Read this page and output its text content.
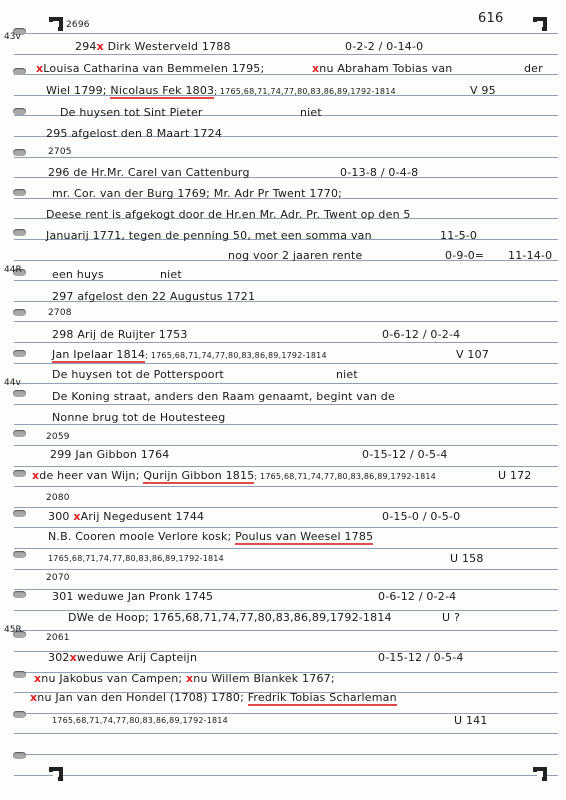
616
43v
44R
44v
45R
2696
294x Dirk Westerveld 1788	0-2-2 / 0-14-0
xLouisa Catharina van Bemmelen 1795;	xnu Abraham Tobias van	der
Wiel 1799; Nicolaus Fek 1803; 1765,68,71,74,77,80,83,86,89,1792-1814	V 95
De huysen tot Sint Pieter	niet
295 afgelost den 8 Maart 1724
2705
296 de Hr.Mr. Carel van Cattenburg	0-13-8 / 0-4-8
mr. Cor. van der Burg 1769; Mr. Adr Pr Twent 1770;
Deese rent is afgekogt door de Hr.en Mr. Adr. Pr. Twent op den 5
Januarij 1771, tegen de penning 50, met een somma van	11-5-0
nog voor 2 jaaren rente	0-9-0= 11-14-0
een huys	niet
297 afgelost den 22 Augustus 1721
2708
298 Arij de Ruijter 1753	0-6-12 / 0-2-4
Jan Ipelaar 1814; 1765,68,71,74,77,80,83,86,89,1792-1814	V 107
De huysen tot de Potterspoort	niet
De Koning straat, anders den Raam genaamt, begint van de
Nonne brug tot de Houtesteeg
2059
299 Jan Gibbon 1764	0-15-12 / 0-5-4
xde heer van Wijn; Qurijn Gibbon 1815; 1765,68,71,74,77,80,83,86,89,1792-1814	U 172
2080
300 xArij Negedusent 1744	0-15-0 / 0-5-0
N.B. Cooren moole Verlore kosk; Poulus van Weesel 1785
1765,68,71,74,77,80,83,86,89,1792-1814	U 158
2070
301 weduwe Jan Pronk 1745	0-6-12 / 0-2-4
DWe de Hoop; 1765,68,71,74,77,80,83,86,89,1792-1814	U ?
2061
302xweduwe Arij Capteijn	0-15-12 / 0-5-4
xnu Jakobus van Campen; xnu Willem Blankek 1767;
xnu Jan van den Hondel (1708) 1780; Fredrik Tobias Scharleman
1765,68,71,74,77,80,83,86,89,1792-1814	U 141
